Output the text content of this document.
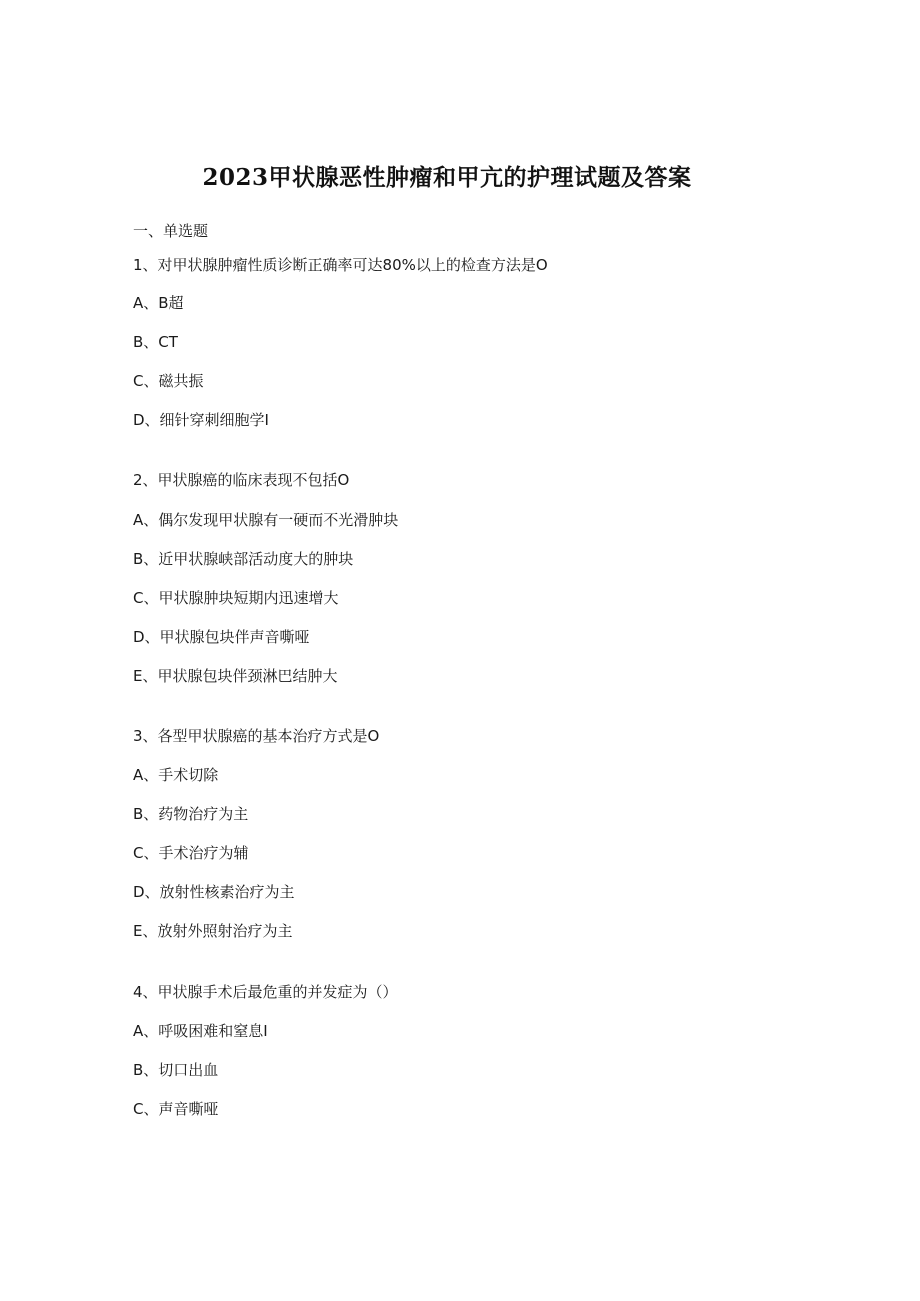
2023甲状腺恶性肿瘤和甲亢的护理试题及答案
一、单选题
1、对甲状腺肿瘤性质诊断正确率可达80%以上的检查方法是O
A、B超
B、CT
C、磁共振
D、细针穿刺细胞学I
2、甲状腺癌的临床表现不包括O
A、偶尔发现甲状腺有一硬而不光滑肿块
B、近甲状腺峡部活动度大的肿块
C、甲状腺肿块短期内迅速增大
D、甲状腺包块伴声音嘶哑
E、甲状腺包块伴颈淋巴结肿大
3、各型甲状腺癌的基本治疗方式是O
A、手术切除
B、药物治疗为主
C、手术治疗为辅
D、放射性核素治疗为主
E、放射外照射治疗为主
4、甲状腺手术后最危重的并发症为（）
A、呼吸困难和窒息I
B、切口出血
C、声音嘶哑
